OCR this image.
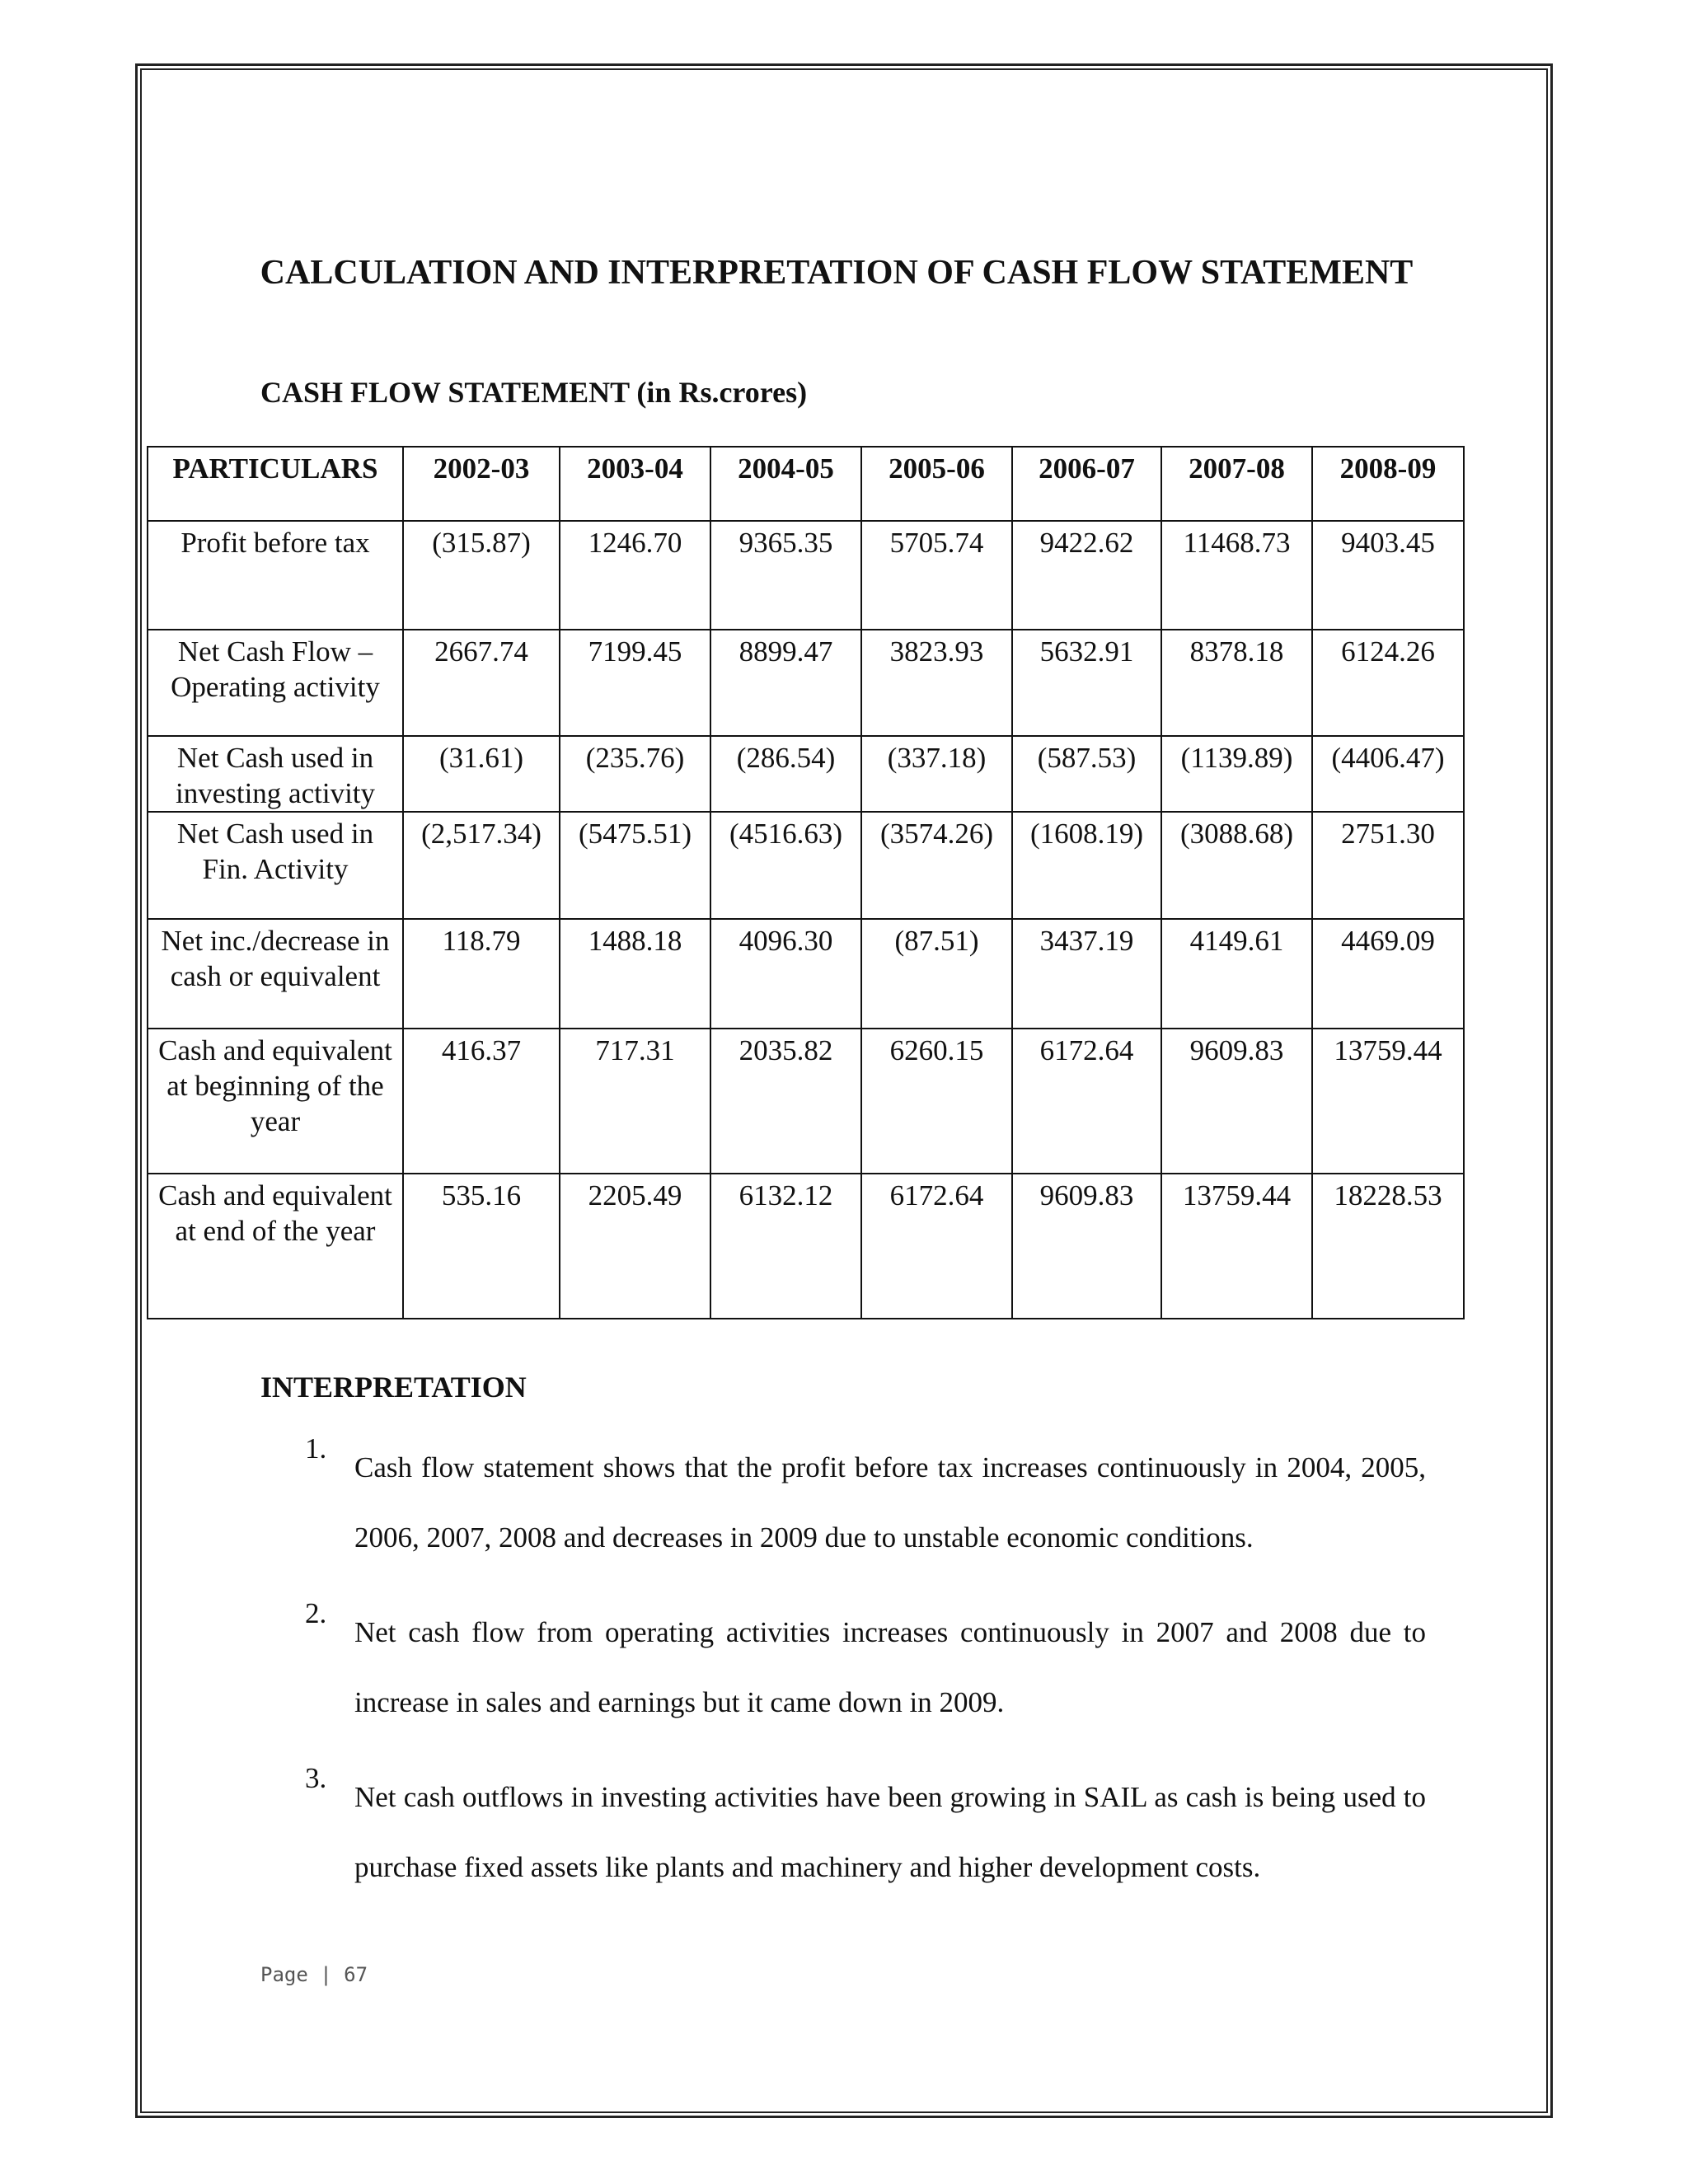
CALCULATION AND INTERPRETATION OF CASH FLOW STATEMENT
CASH FLOW STATEMENT (in Rs.crores)
PARTICULARS	2002-03	2003-04	2004-05	2005-06	2006-07	2007-08	2008-09
Profit before tax	(315.87)	1246.70	9365.35	5705.74	9422.62	11468.73	9403.45
Net Cash Flow – Operating activity	2667.74	7199.45	8899.47	3823.93	5632.91	8378.18	6124.26
Net Cash used in investing activity	(31.61)	(235.76)	(286.54)	(337.18)	(587.53)	(1139.89)	(4406.47)
Net Cash used in Fin. Activity	(2,517.34)	(5475.51)	(4516.63)	(3574.26)	(1608.19)	(3088.68)	2751.30
Net inc./decrease in cash or equivalent	118.79	1488.18	4096.30	(87.51)	3437.19	4149.61	4469.09
Cash and equivalent at beginning of the year	416.37	717.31	2035.82	6260.15	6172.64	9609.83	13759.44
Cash and equivalent at end of the year	535.16	2205.49	6132.12	6172.64	9609.83	13759.44	18228.53
INTERPRETATION
1.
Cash flow statement shows that the profit before tax increases continuously in 2004, 2005, 2006, 2007, 2008 and decreases in 2009 due to unstable economic conditions.
2.
Net cash flow from operating activities increases continuously in 2007 and 2008 due to increase in sales and earnings but it came down in 2009.
3.
Net cash outflows in investing activities have been growing in SAIL as cash is being used to purchase fixed assets like plants and machinery and higher development costs.
Page | 67
